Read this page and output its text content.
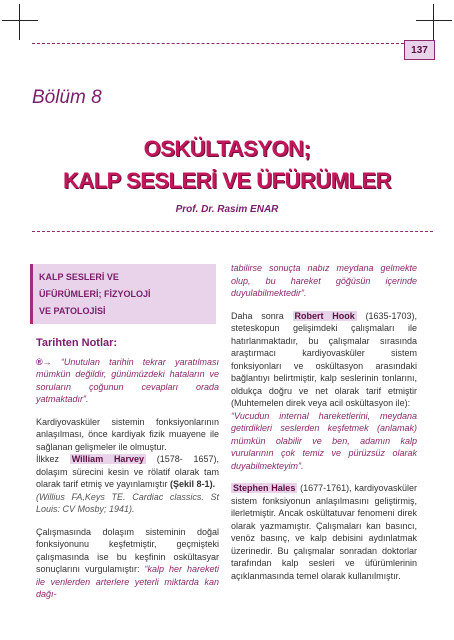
137
Bölüm 8
OSKÜLTASYON;
KALP SESLERİ VE ÜFÜRÜMLER
Prof. Dr. Rasim ENAR
KALP SESLERİ VE
ÜFÜRÜMLERİ; FİZYOLOJİ
VE PATOLOJİSİ

Tarihten Notlar:

®→ “Unutulan tarihin tekrar yaratılması mümkün değildir, günümüzdeki hataların ve soruların çoğunun cevapları orada yatmaktadır”.

Kardiyovasküler sistemin fonksiyonlarının anlaşılması, önce kardiyak fizik muayene ile sağlanan gelişmeler ile olmuştur.

İlkkez William Harvey (1578- 1657), dolaşım sürecini kesin ve rölatif olarak tam olarak tarif etmiş ve yayınlamıştır (Şekil 8-1).

(Willius FA,Keys TE. Cardiac classics. St Louis: CV Mosby; 1941).

Çalışmasında dolaşım sisteminin doğal fonksiyonunu keşfetmiştir, geçmişteki çalışmasında ise bu keşfinin oskültasyar sonuçlarını vurgulamıştır: “kalp her hareketi ile venlerden arterlere yeterli miktarda kan dağı-

tabilirse sonuçta nabız meydana gelmekte olup, bu hareket göğüsün içerinde duyulabilmektedir”.

Daha sonra Robert Hook (1635-1703), steteskopun gelişimdeki çalışmaları ile hatırlanmaktadır, bu çalışmalar sırasında araştırmacı kardiyovasküler sistem fonksiyonları ve oskültasyon arasındaki bağlantıyı belirtmiştir, kalp seslerinin tonlarını, oldukça doğru ve net olarak tarif etmiştir (Muhtemelen direk veya acil oskültasyon ile):

“Vucudun internal hareketlerini, meydana getirdikleri seslerden keşfetmek (anlamak) mümkün olabilir ve ben, adamın kalp vurularının çok temiz ve pürüzsüz olarak duyabilmekteyim”.

Stephen Hales (1677-1761), kardiyovasküler sistem fonksiyonun anlaşılmasını geliştirmiş, ilerletmiştir. Ancak oskültatuvar fenomeni direk olarak yazmamıştır. Çalışmaları kan basıncı, venöz basınç, ve kalp debisini aydınlatmak üzerinedir. Bu çalışmalar sonradan doktorlar tarafından kalp sesleri ve üfürümlerinin açıklanmasında temel olarak kullanılmıştır.
